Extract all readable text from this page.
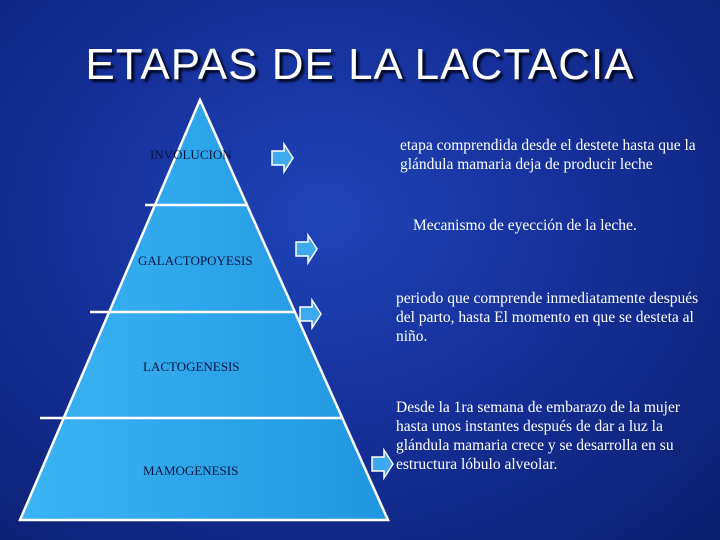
ETAPAS DE LA LACTACIA
INVOLUCION
GALACTOPOYESIS
LACTOGENESIS
MAMOGENESIS
etapa comprendida desde el destete hasta que la glándula mamaria deja de producir leche
Mecanismo de eyección de la leche.
periodo que comprende inmediatamente después del parto, hasta El momento en que se desteta al niño.
Desde la 1ra semana de embarazo de la mujer hasta unos instantes después de dar a luz la glándula mamaria crece y se desarrolla en su estructura lóbulo alveolar.
